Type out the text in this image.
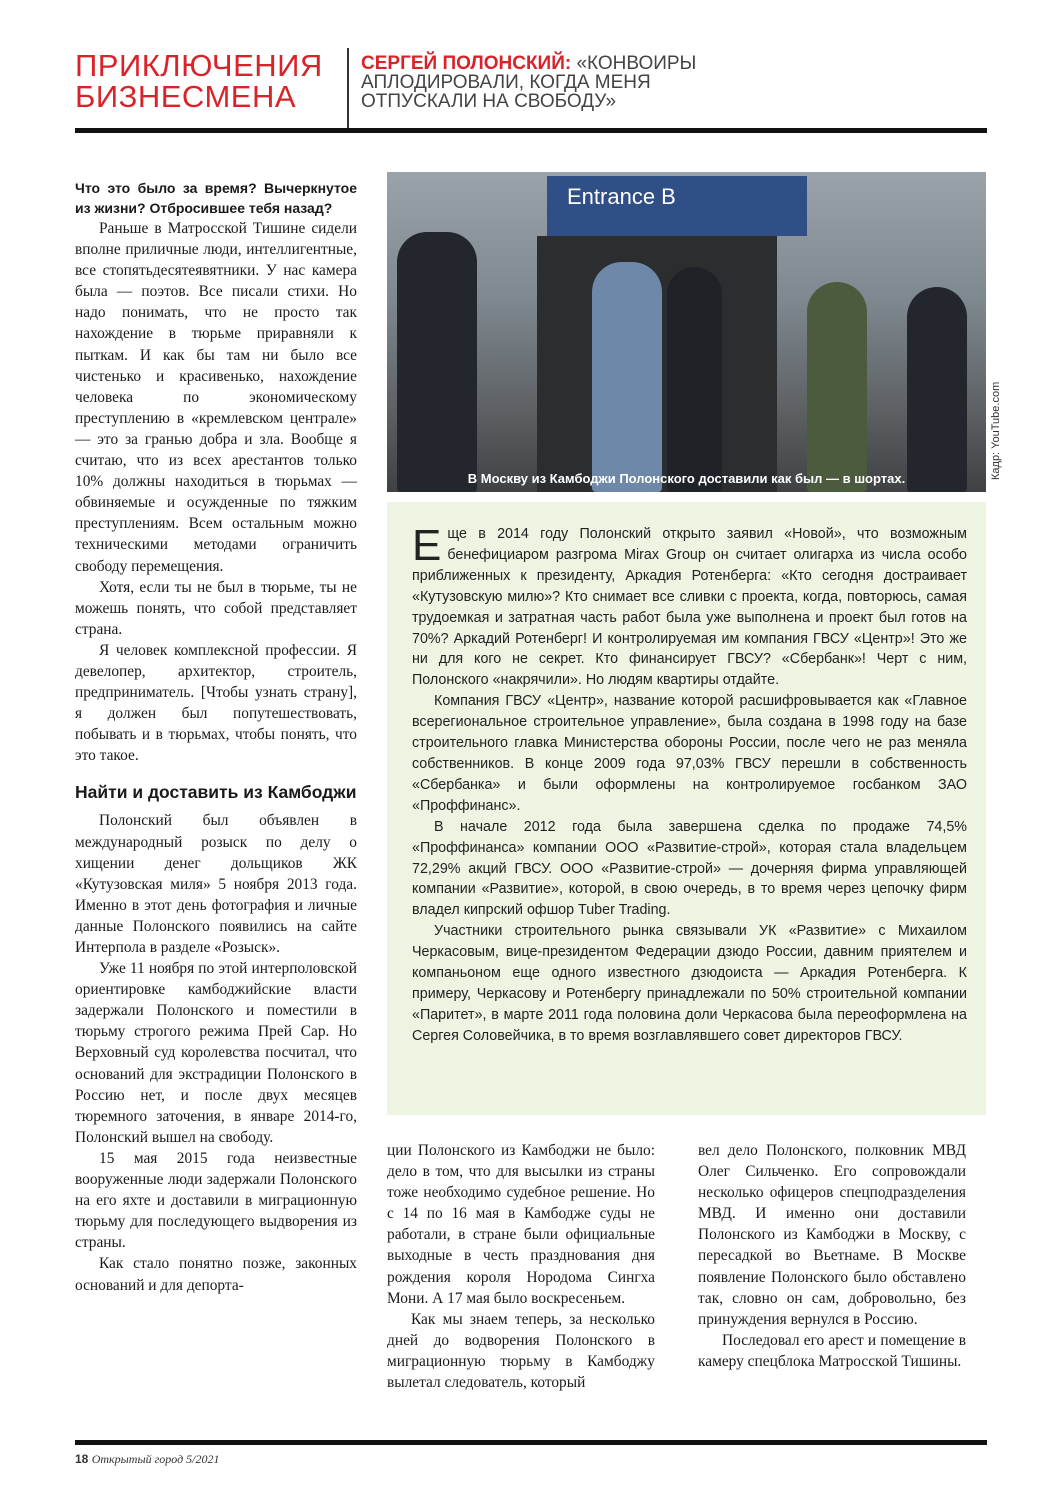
ПРИКЛЮЧЕНИЯ
БИЗНЕСМЕНА
СЕРГЕЙ ПОЛОНСКИЙ: «КОНВОИРЫ АПЛОДИРОВАЛИ, КОГДА МЕНЯ ОТПУСКАЛИ НА СВОБОДУ»

Что это было за время? Вычеркнутое из жизни? Отбросившее тебя назад?

Раньше в Матросской Тишине сидели вполне приличные люди, интеллигентные, все стопятьдесятеявятники. У нас камера была — поэтов. Все писали стихи. Но надо понимать, что не просто так нахождение в тюрьме приравняли к пыткам. И как бы там ни было все чистенько и красивенько, нахождение человека по экономическому преступлению в «кремлевском централе» — это за гранью добра и зла. Вообще я считаю, что из всех арестантов только 10% должны находиться в тюрьмах — обвиняемые и осужденные по тяжким преступлениям. Всем остальным можно техническими методами ограничить свободу перемещения.

Хотя, если ты не был в тюрьме, ты не можешь понять, что собой представляет страна.

Я человек комплексной профессии. Я девелопер, архитектор, строитель, предприниматель. [Чтобы узнать страну], я должен был попутешествовать, побывать и в тюрьмах, чтобы понять, что это такое.

Найти и доставить из Камбоджи

Полонский был объявлен в международный розыск по делу о хищении денег дольщиков ЖК «Кутузовская миля» 5 ноября 2013 года. Именно в этот день фотография и личные данные Полонского появились на сайте Интерпола в разделе «Розыск».

Уже 11 ноября по этой интерполовской ориентировке камбоджийские власти задержали Полонского и поместили в тюрьму строгого режима Прей Сар. Но Верховный суд королевства посчитал, что оснований для экстрадиции Полонского в Россию нет, и после двух месяцев тюремного заточения, в январе 2014-го, Полонский вышел на свободу.

15 мая 2015 года неизвестные вооруженные люди задержали Полонского на его яхте и доставили в миграционную тюрьму для последующего выдворения из страны.

Как стало понятно позже, законных оснований и для депорта-

Entrance B
В Москву из Камбоджи Полонского доставили как был — в шортах.	Кадр: YouTube.com

Еще в 2014 году Полонский открыто заявил «Новой», что возможным бенефициаром разгрома Mirax Group он считает олигарха из числа особо приближенных к президенту, Аркадия Ротенберга: «Кто сегодня достраивает «Кутузовскую милю»? Кто снимает все сливки с проекта, когда, повторюсь, самая трудоемкая и затратная часть работ была уже выполнена и проект был готов на 70%? Аркадий Ротенберг! И контролируемая им компания ГВСУ «Центр»! Это же ни для кого не секрет. Кто финансирует ГВСУ? «Сбербанк»! Черт с ним, Полонского «накрячили». Но людям квартиры отдайте.

Компания ГВСУ «Центр», название которой расшифровывается как «Главное всерегиональное строительное управление», была создана в 1998 году на базе строительного главка Министерства обороны России, после чего не раз меняла собственников. В конце 2009 года 97,03% ГВСУ перешли в собственность «Сбербанка» и были оформлены на контролируемое госбанком ЗАО «Проффинанс».

В начале 2012 года была завершена сделка по продаже 74,5% «Проффинанса» компании ООО «Развитие-строй», которая стала владельцем 72,29% акций ГВСУ. ООО «Развитие-строй» — дочерняя фирма управляющей компании «Развитие», которой, в свою очередь, в то время через цепочку фирм владел кипрский офшор Tuber Trading.

Участники строительного рынка связывали УК «Развитие» с Михаилом Черкасовым, вице-президентом Федерации дзюдо России, давним приятелем и компаньоном еще одного известного дзюдоиста — Аркадия Ротенберга. К примеру, Черкасову и Ротенбергу принадлежали по 50% строительной компании «Паритет», в марте 2011 года половина доли Черкасова была переоформлена на Сергея Соловейчика, в то время возглавлявшего совет директоров ГВСУ.

ции Полонского из Камбоджи не было: дело в том, что для высылки из страны тоже необходимо судебное решение. Но с 14 по 16 мая в Камбодже суды не работали, в стране были официальные выходные в честь празднования дня рождения короля Нородома Сингха Мони. А 17 мая было воскресеньем.

Как мы знаем теперь, за несколько дней до водворения Полонского в миграционную тюрьму в Камбоджу вылетал следователь, который

вел дело Полонского, полковник МВД Олег Сильченко. Его сопровождали несколько офицеров спецподразделения МВД. И именно они доставили Полонского из Камбоджи в Москву, с пересадкой во Вьетнаме. В Москве появление Полонского было обставлено так, словно он сам, добровольно, без принуждения вернулся в Россию.

Последовал его арест и помещение в камеру спецблока Матросской Тишины.

18 Открытый город 5/2021
